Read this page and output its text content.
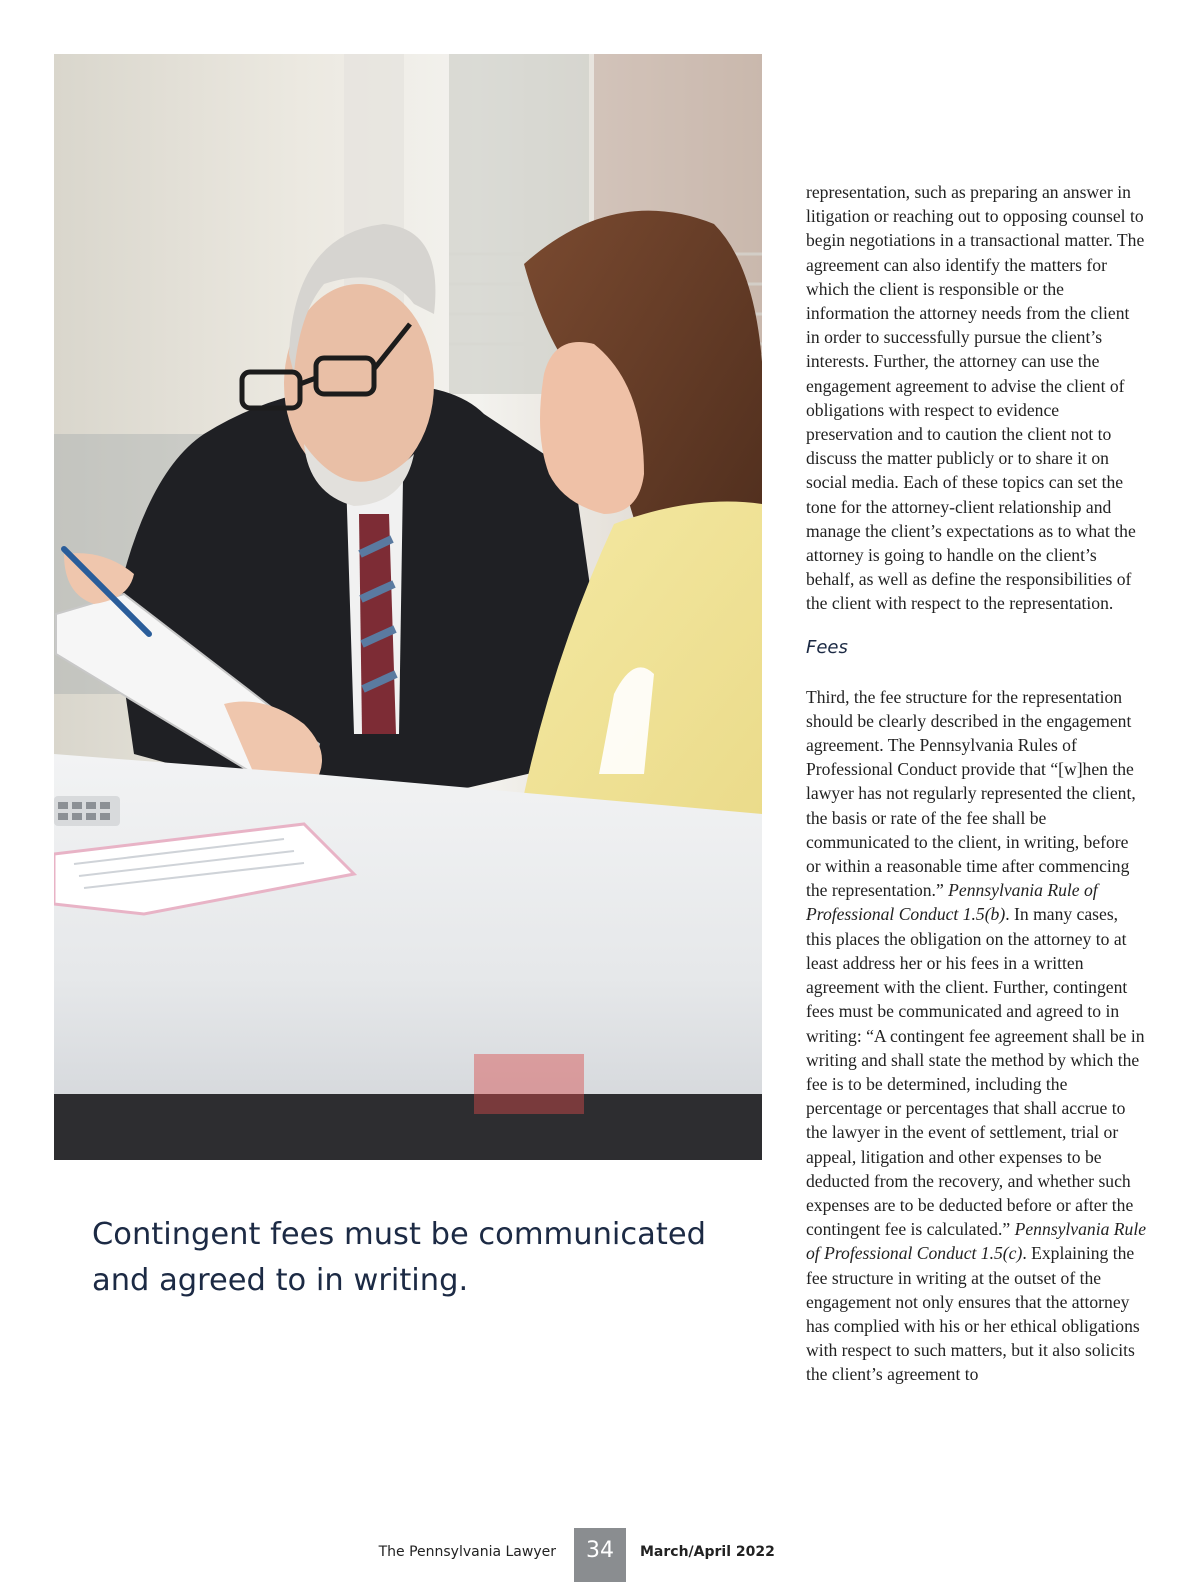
Contingent fees must be communicated and agreed to in writing.

representation, such as preparing an answer in litigation or reaching out to opposing counsel to begin negotiations in a transactional matter. The agreement can also identify the matters for which the client is responsible or the information the attorney needs from the client in order to successfully pursue the client’s interests. Further, the attorney can use the engagement agreement to advise the client of obligations with respect to evidence preservation and to caution the client not to discuss the matter publicly or to share it on social media. Each of these topics can set the tone for the attorney-client relationship and manage the client’s expectations as to what the attorney is going to handle on the client’s behalf, as well as define the responsibilities of the client with respect to the representation.

Fees

Third, the fee structure for the representation should be clearly described in the engagement agreement. The Pennsylvania Rules of Professional Conduct provide that “[w]hen the lawyer has not regularly represented the client, the basis or rate of the fee shall be communicated to the client, in writing, before or within a reasonable time after commencing the representation.” Pennsylvania Rule of Professional Conduct 1.5(b). In many cases, this places the obligation on the attorney to at least address her or his fees in a written agreement with the client. Further, contingent fees must be communicated and agreed to in writing: “A contingent fee agreement shall be in writing and shall state the method by which the fee is to be determined, including the percentage or percentages that shall accrue to the lawyer in the event of settlement, trial or appeal, litigation and other expenses to be deducted from the recovery, and whether such expenses are to be deducted before or after the contingent fee is calculated.” Pennsylvania Rule of Professional Conduct 1.5(c). Explaining the fee structure in writing at the outset of the engagement not only ensures that the attorney has complied with his or her ethical obligations with respect to such matters, but it also solicits the client’s agreement to

The Pennsylvania Lawyer	34	March/April 2022
